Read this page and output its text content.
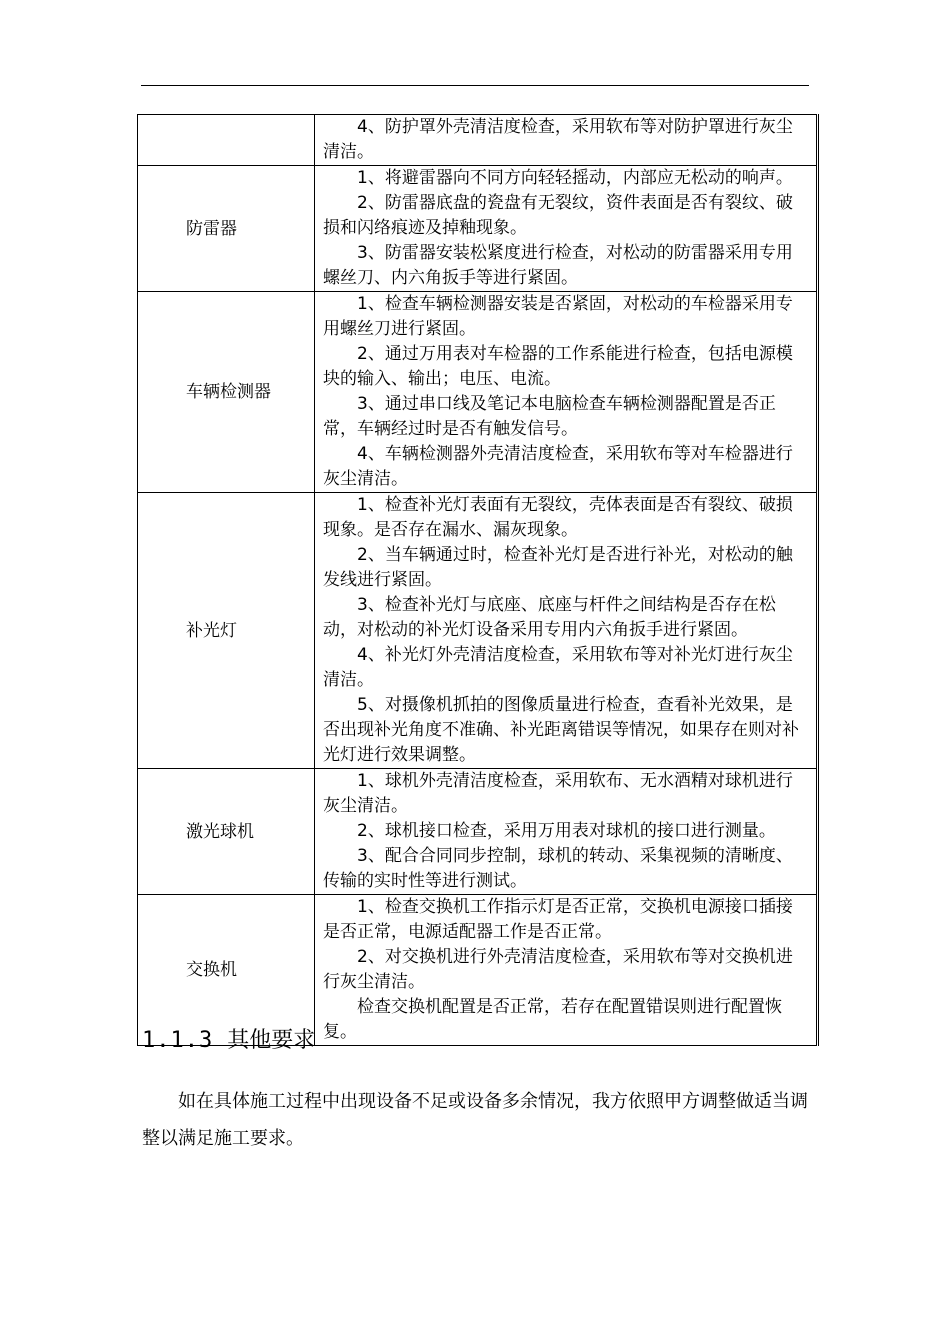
	4、防护罩外壳清洁度检查，采用软布等对防护罩进行灰尘清洁。

防雷器	1、将避雷器向不同方向轻轻摇动，内部应无松动的响声。

2、防雷器底盘的瓷盘有无裂纹，资件表面是否有裂纹、破损和闪络痕迹及掉釉现象。

3、防雷器安装松紧度进行检查，对松动的防雷器采用专用螺丝刀、内六角扳手等进行紧固。

车辆检测器	1、检查车辆检测器安装是否紧固，对松动的车检器采用专用螺丝刀进行紧固。

2、通过万用表对车检器的工作系能进行检查，包括电源模块的输入、输出；电压、电流。

3、通过串口线及笔记本电脑检查车辆检测器配置是否正常，车辆经过时是否有触发信号。

4、车辆检测器外壳清洁度检查，采用软布等对车检器进行灰尘清洁。

补光灯	1、检查补光灯表面有无裂纹，壳体表面是否有裂纹、破损现象。是否存在漏水、漏灰现象。

2、当车辆通过时，检查补光灯是否进行补光，对松动的触发线进行紧固。

3、检查补光灯与底座、底座与杆件之间结构是否存在松动，对松动的补光灯设备采用专用内六角扳手进行紧固。

4、补光灯外壳清洁度检查，采用软布等对补光灯进行灰尘清洁。

5、对摄像机抓拍的图像质量进行检查，查看补光效果，是否出现补光角度不准确、补光距离错误等情况，如果存在则对补光灯进行效果调整。

激光球机	1、球机外壳清洁度检查，采用软布、无水酒精对球机进行灰尘清洁。

2、球机接口检查，采用万用表对球机的接口进行测量。

3、配合合同同步控制，球机的转动、采集视频的清晰度、传输的实时性等进行测试。

交换机	1、检查交换机工作指示灯是否正常，交换机电源接口插接是否正常，电源适配器工作是否正常。

2、对交换机进行外壳清洁度检查，采用软布等对交换机进行灰尘清洁。

检查交换机配置是否正常，若存在配置错误则进行配置恢复。

1.1.3 其他要求

如在具体施工过程中出现设备不足或设备多余情况，我方依照甲方调整做适当调整以满足施工要求。
